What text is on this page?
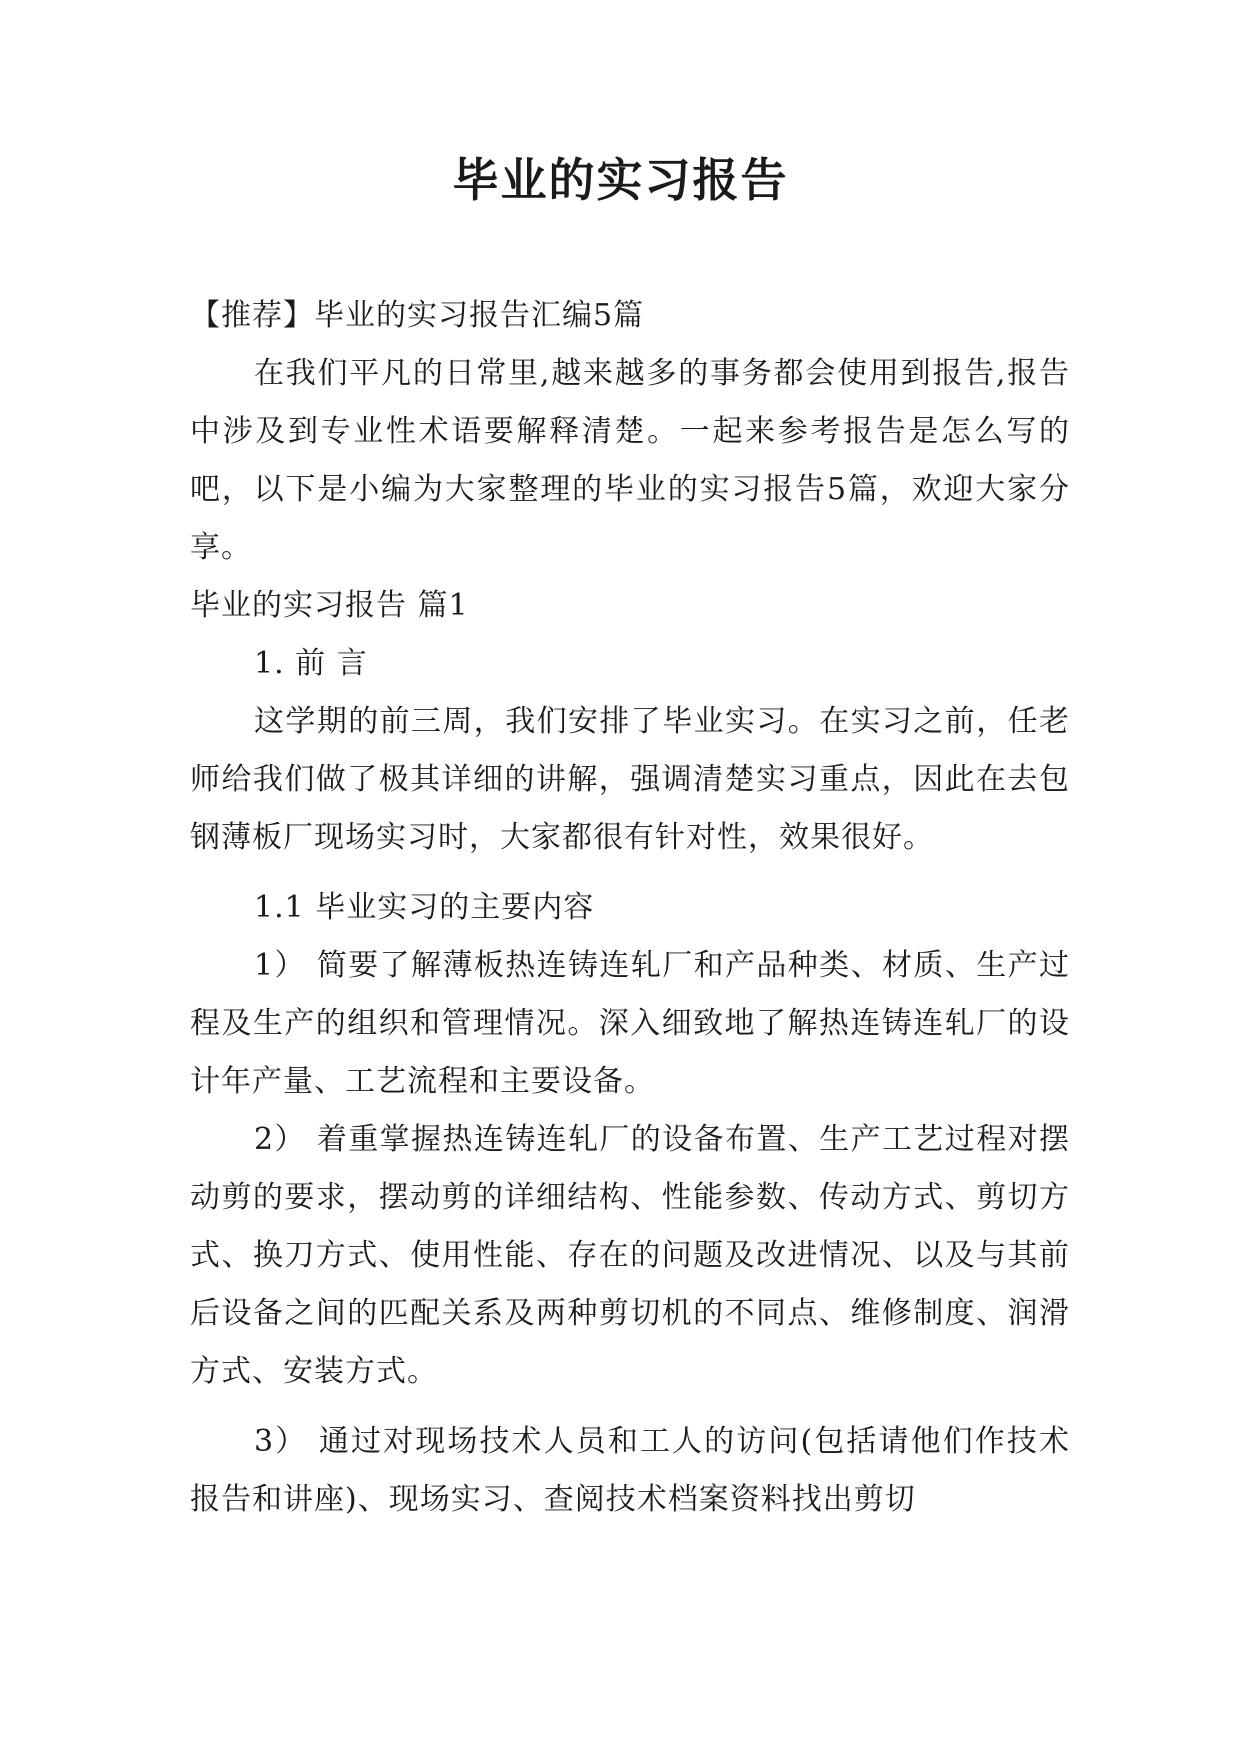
毕业的实习报告

【推荐】毕业的实习报告汇编5篇

在我们平凡的日常里,越来越多的事务都会使用到报告,报告中涉及到专业性术语要解释清楚。一起来参考报告是怎么写的吧，以下是小编为大家整理的毕业的实习报告5篇，欢迎大家分享。

毕业的实习报告 篇1

1. 前 言

这学期的前三周，我们安排了毕业实习。在实习之前，任老师给我们做了极其详细的讲解，强调清楚实习重点，因此在去包钢薄板厂现场实习时，大家都很有针对性，效果很好。

1.1 毕业实习的主要内容

1） 简要了解薄板热连铸连轧厂和产品种类、材质、生产过程及生产的组织和管理情况。深入细致地了解热连铸连轧厂的设计年产量、工艺流程和主要设备。

2） 着重掌握热连铸连轧厂的设备布置、生产工艺过程对摆动剪的要求，摆动剪的详细结构、性能参数、传动方式、剪切方式、换刀方式、使用性能、存在的问题及改进情况、以及与其前后设备之间的匹配关系及两种剪切机的不同点、维修制度、润滑方式、安装方式。

3） 通过对现场技术人员和工人的访问(包括请他们作技术报告和讲座)、现场实习、查阅技术档案资料找出剪切
